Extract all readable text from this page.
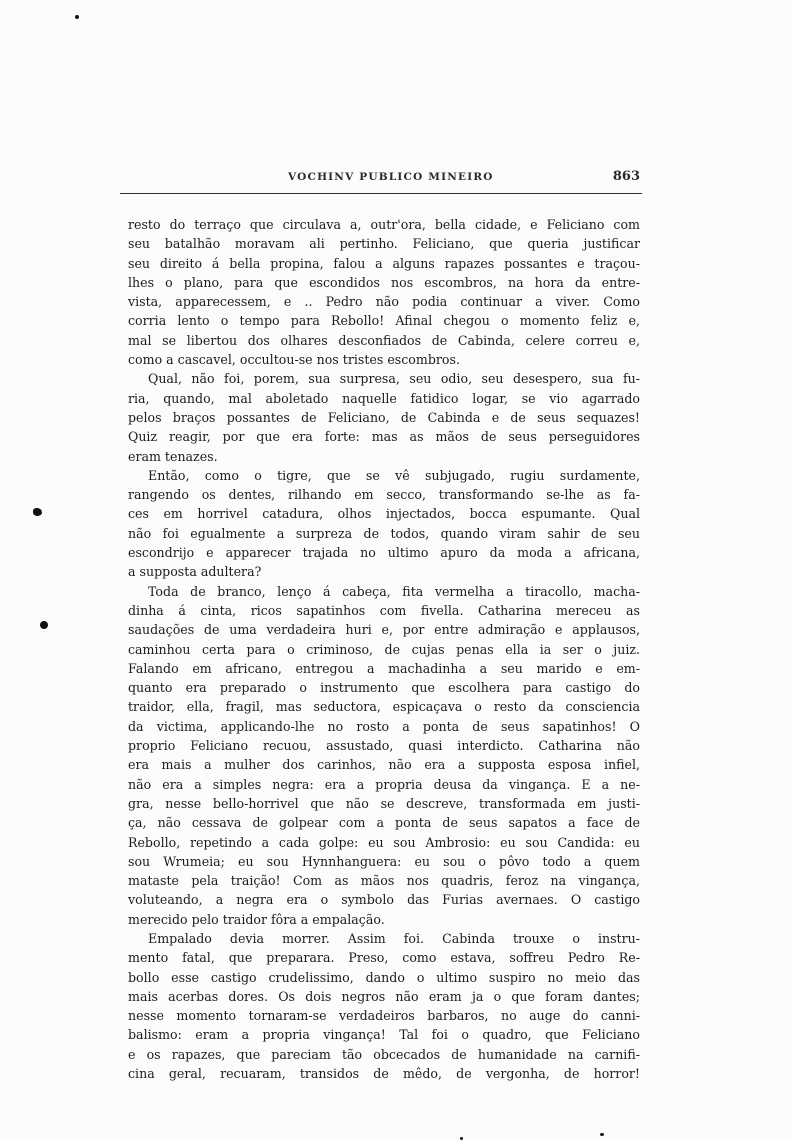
VOCHINV PUBLICO MINEIRO	863
resto do terraço que circulava a, outr'ora, bella cidade, e Feliciano com
seu batalhão moravam ali pertinho. Feliciano, que queria justificar
seu direito á bella propina, falou a alguns rapazes possantes e traçou-
lhes o plano, para que escondidos nos escombros, na hora da entre-
vista, apparecessem, e .. Pedro não podia continuar a viver. Como
corria lento o tempo para Rebollo! Afinal chegou o momento feliz e,
mal se libertou dos olhares desconfiados de Cabinda, celere correu e,
como a cascavel, occultou-se nos tristes escombros.
Qual, não foi, porem, sua surpresa, seu odio, seu desespero, sua fu-
ria, quando, mal aboletado naquelle fatidico logar, se vio agarrado
pelos braços possantes de Feliciano, de Cabinda e de seus sequazes!
Quiz reagir, por que era forte: mas as mãos de seus perseguidores
eram tenazes.
Então, como o tigre, que se vê subjugado, rugiu surdamente,
rangendo os dentes, rilhando em secco, transformando se-lhe as fa-
ces em horrivel catadura, olhos injectados, bocca espumante. Qual
não foi egualmente a surpreza de todos, quando viram sahir de seu
escondrijo e apparecer trajada no ultimo apuro da moda a africana,
a supposta adultera?
Toda de branco, lenço á cabeça, fita vermelha a tiracollo, macha-
dinha á cinta, ricos sapatinhos com fivella. Catharina mereceu as
saudações de uma verdadeira huri e, por entre admiração e applausos,
caminhou certa para o criminoso, de cujas penas ella ia ser o juiz.
Falando em africano, entregou a machadinha a seu marido e em-
quanto era preparado o instrumento que escolhera para castigo do
traidor, ella, fragil, mas seductora, espicaçava o resto da consciencia
da victima, applicando-lhe no rosto a ponta de seus sapatinhos! O
proprio Feliciano recuou, assustado, quasi interdicto. Catharina não
era mais a mulher dos carinhos, não era a supposta esposa infiel,
não era a simples negra: era a propria deusa da vingança. E a ne-
gra, nesse bello-horrivel que não se descreve, transformada em justi-
ça, não cessava de golpear com a ponta de seus sapatos a face de
Rebollo, repetindo a cada golpe: eu sou Ambrosio: eu sou Candida: eu
sou Wrumeia; eu sou Hynnhanguera: eu sou o pôvo todo a quem
mataste pela traição! Com as mãos nos quadris, feroz na vingança,
voluteando, a negra era o symbolo das Furias avernaes. O castigo
merecido pelo traidor fôra a empalação.
Empalado devia morrer. Assim foi. Cabinda trouxe o instru-
mento fatal, que preparara. Preso, como estava, soffreu Pedro Re-
bollo esse castigo crudelissimo, dando o ultimo suspiro no meio das
mais acerbas dores. Os dois negros não eram ja o que foram dantes;
nesse momento tornaram-se verdadeiros barbaros, no auge do canni-
balismo: eram a propria vingança! Tal foi o quadro, que Feliciano
e os rapazes, que pareciam tão obcecados de humanidade na carnifi-
cina geral, recuaram, transidos de mêdo, de vergonha, de horror!
